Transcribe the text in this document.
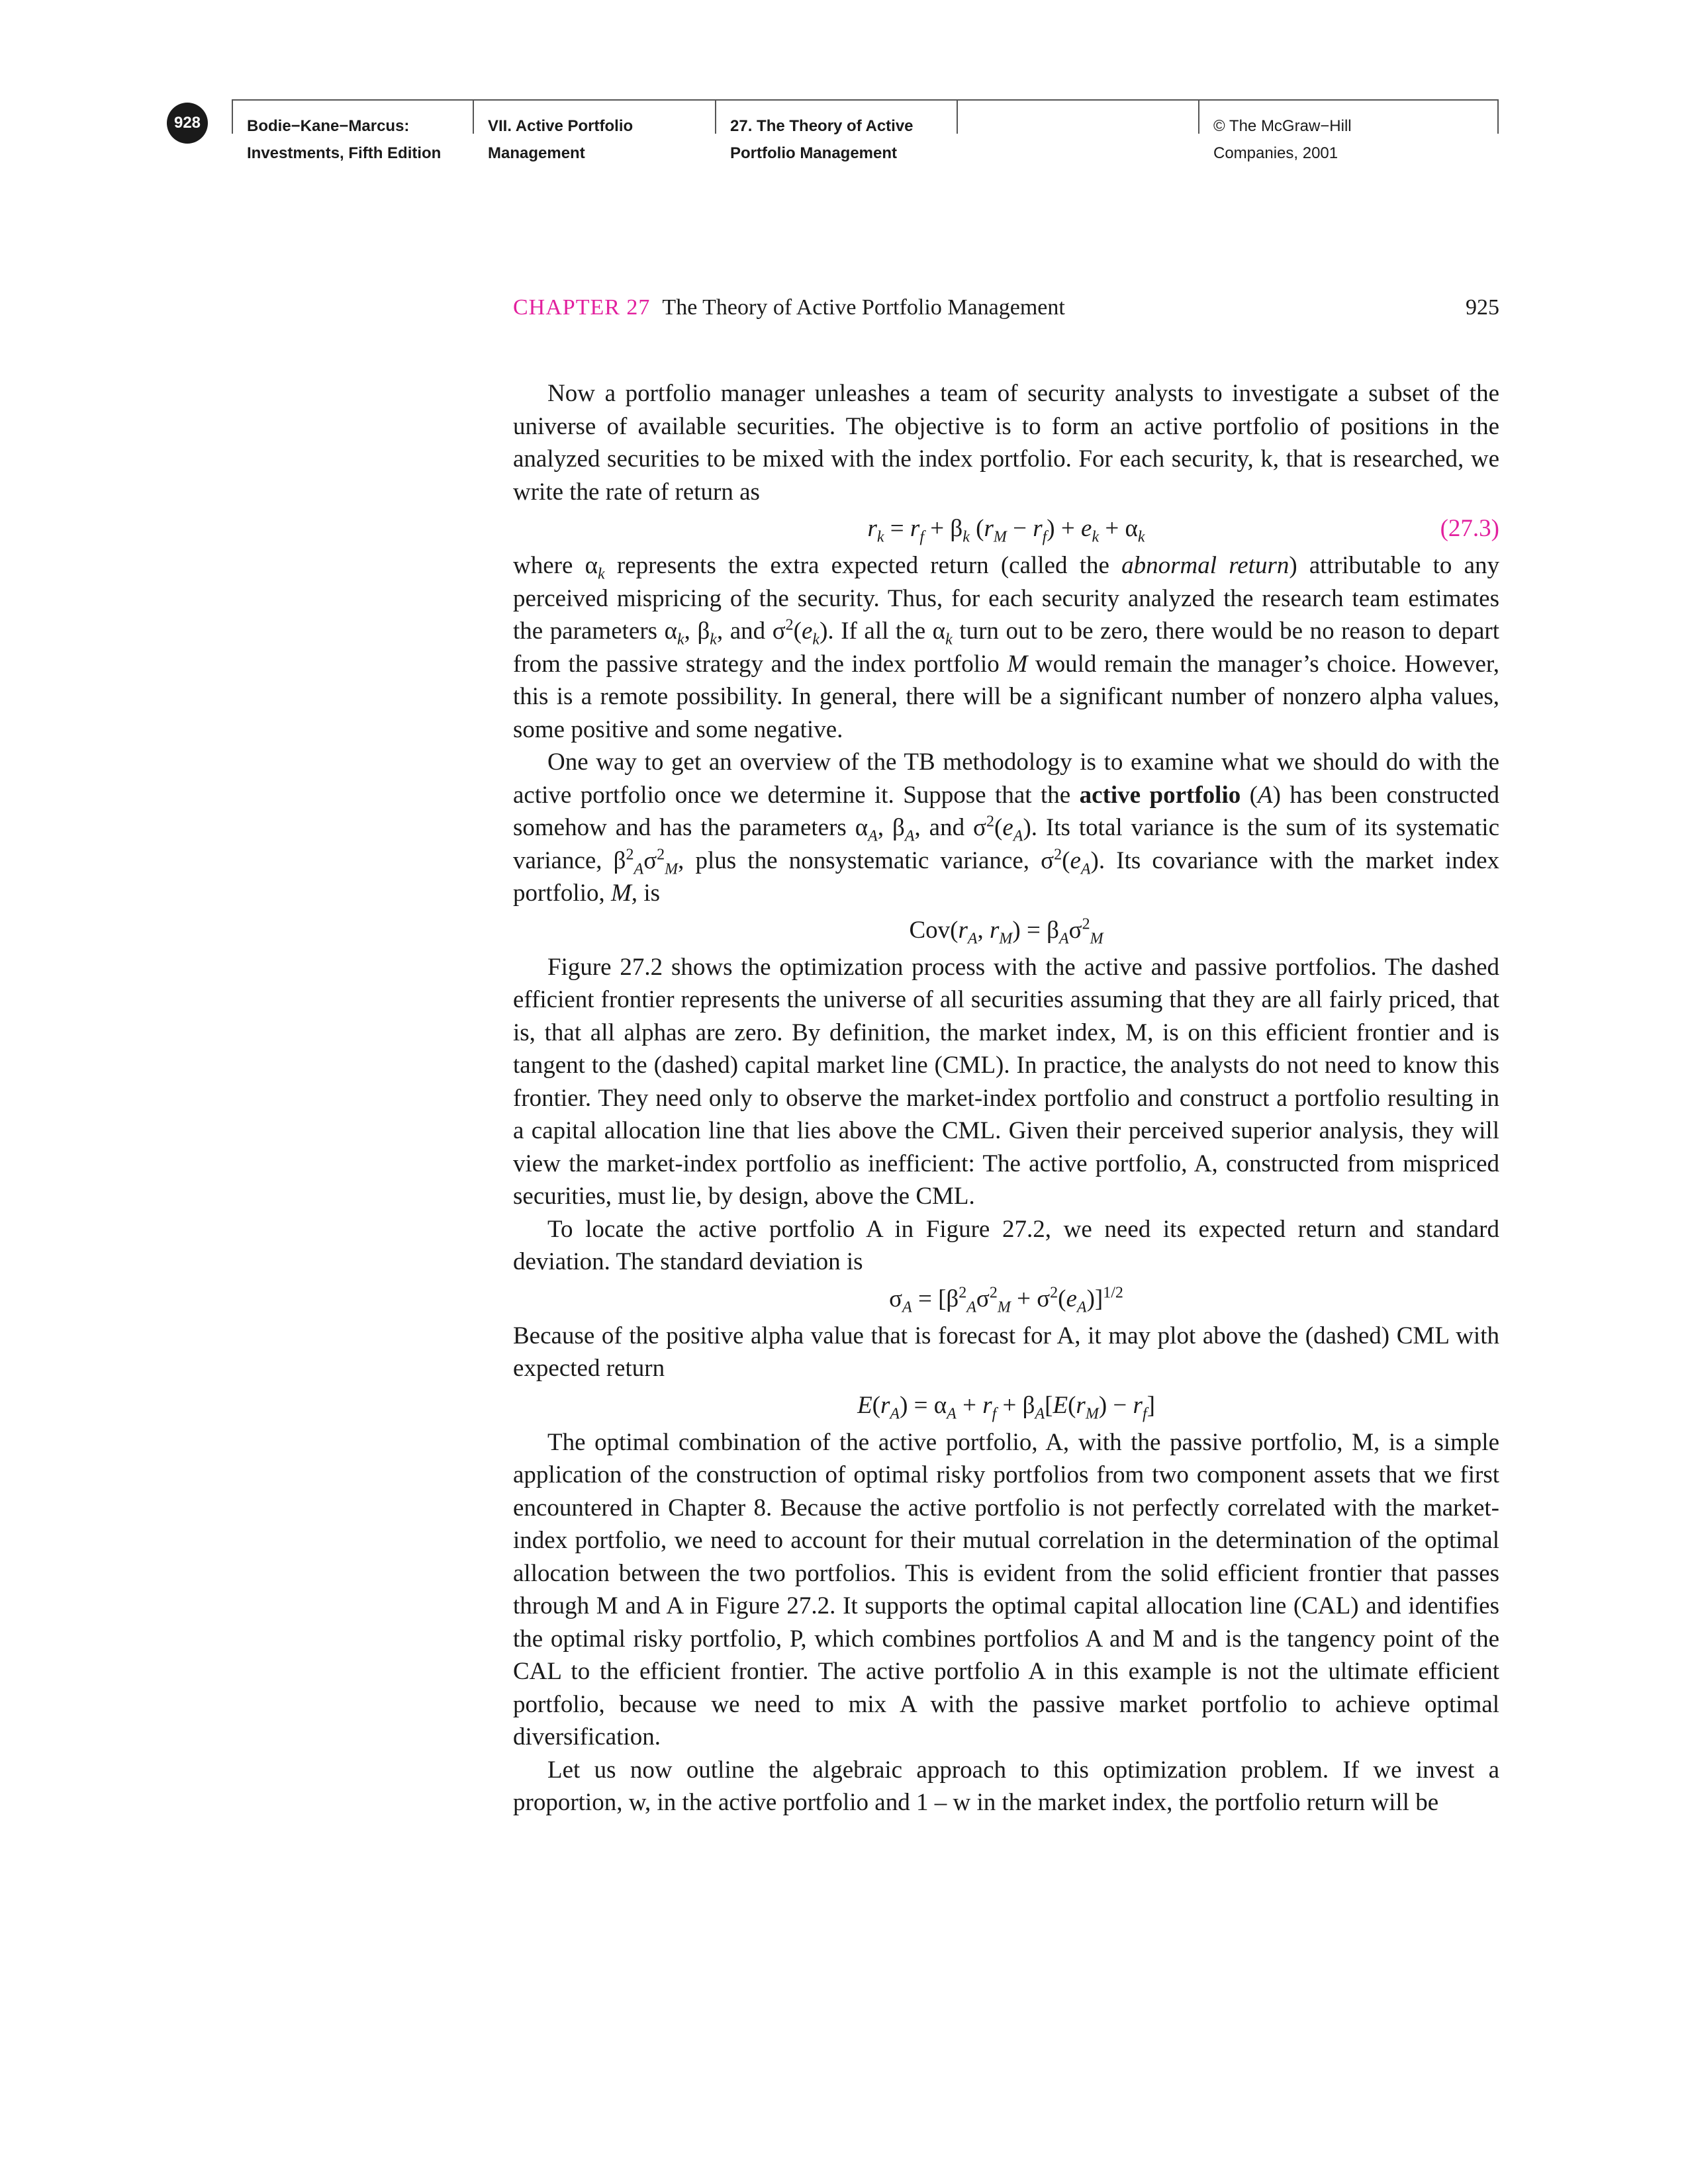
928	Bodie−Kane−Marcus:
Investments, Fifth Edition
VII. Active Portfolio
Management
27. The Theory of Active
Portfolio Management
© The McGraw−Hill
Companies, 2001
CHAPTER 27 The Theory of Active Portfolio Management	925

Now a portfolio manager unleashes a team of security analysts to investigate a subset of the universe of available securities. The objective is to form an active portfolio of positions in the analyzed securities to be mixed with the index portfolio. For each security, k, that is researched, we write the rate of return as

$r_k = r_f + \beta_k$ $(r_M - r_f) + e_k + \alpha_k$	(27.3)

where $\alpha_k$ represents the extra expected return (called the abnormal return) attributable to any perceived mispricing of the security. Thus, for each security analyzed the research team estimates the parameters $\alpha_k$, $\beta_k$, and $\sigma^2(e_k)$. If all the $\alpha_k$ turn out to be zero, there would be no reason to depart from the passive strategy and the index portfolio M would remain the manager’s choice. However, this is a remote possibility. In general, there will be a significant number of nonzero alpha values, some positive and some negative.

One way to get an overview of the TB methodology is to examine what we should do with the active portfolio once we determine it. Suppose that the active portfolio (A) has been constructed somehow and has the parameters $\alpha_A$, $\beta_A$, and $\sigma^2(e_A)$. Its total variance is the sum of its systematic variance, $\beta^2_A\sigma^2_M$, plus the nonsystematic variance, $\sigma^2(e_A)$. Its covariance with the market index portfolio, M, is

$Cov(r_A$, $r_M) = \beta_A\sigma^2_M$

Figure 27.2 shows the optimization process with the active and passive portfolios. The dashed efficient frontier represents the universe of all securities assuming that they are all fairly priced, that is, that all alphas are zero. By definition, the market index, M, is on this efficient frontier and is tangent to the (dashed) capital market line (CML). In practice, the analysts do not need to know this frontier. They need only to observe the market-index portfolio and construct a portfolio resulting in a capital allocation line that lies above the CML. Given their perceived superior analysis, they will view the market-index portfolio as inefficient: The active portfolio, A, constructed from mispriced securities, must lie, by design, above the CML.

To locate the active portfolio A in Figure 27.2, we need its expected return and standard deviation. The standard deviation is

$\sigma_A = [\beta^2_A\sigma^2_M + \sigma^2(e_A)]^{1/2}$

Because of the positive alpha value that is forecast for A, it may plot above the (dashed) CML with expected return

$E(r_A) = \alpha_A + r_f + \beta_A[E(r_M) - r_f]$

The optimal combination of the active portfolio, A, with the passive portfolio, M, is a simple application of the construction of optimal risky portfolios from two component assets that we first encountered in Chapter 8. Because the active portfolio is not perfectly correlated with the market-index portfolio, we need to account for their mutual correlation in the determination of the optimal allocation between the two portfolios. This is evident from the solid efficient frontier that passes through M and A in Figure 27.2. It supports the optimal capital allocation line (CAL) and identifies the optimal risky portfolio, P, which combines portfolios A and M and is the tangency point of the CAL to the efficient frontier. The active portfolio A in this example is not the ultimate efficient portfolio, because we need to mix A with the passive market portfolio to achieve optimal diversification.

Let us now outline the algebraic approach to this optimization problem. If we invest a proportion, w, in the active portfolio and 1 – w in the market index, the portfolio return will be
